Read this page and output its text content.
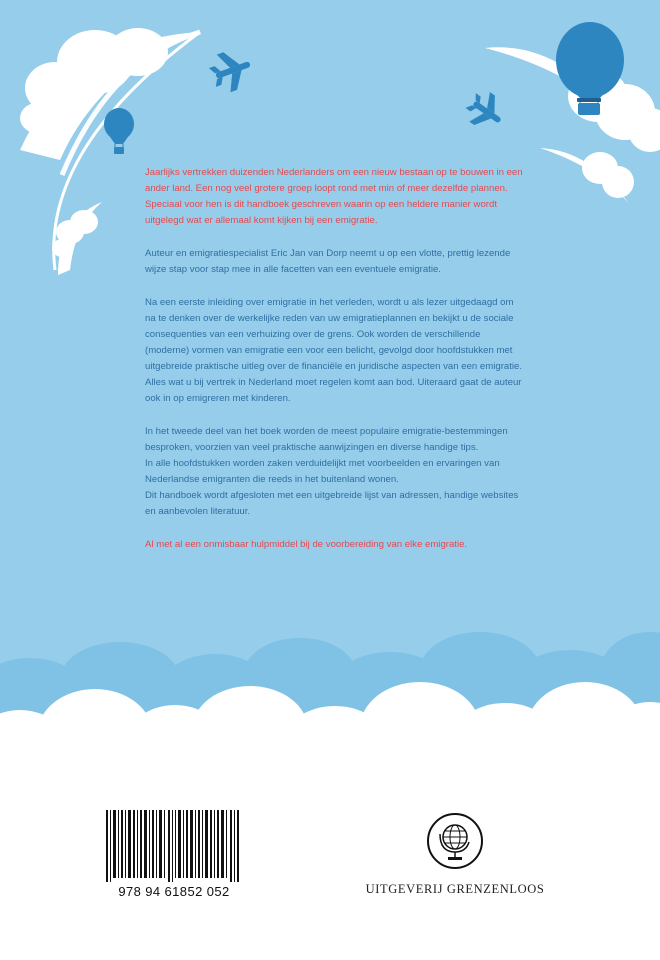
Jaarlijks vertrekken duizenden Nederlanders om een nieuw bestaan op te bouwen in een ander land. Een nog veel grotere groep loopt rond met min of meer dezelfde plannen. Speciaal voor hen is dit handboek geschreven waarin op een heldere manier wordt uitgelegd wat er allemaal komt kijken bij een emigratie.

Auteur en emigratiespecialist Eric Jan van Dorp neemt u op een vlotte, prettig lezende wijze stap voor stap mee in alle facetten van een eventuele emigratie.

Na een eerste inleiding over emigratie in het verleden, wordt u als lezer uitgedaagd om na te denken over de werkelijke reden van uw emigratieplannen en bekijkt u de sociale consequenties van een verhuizing over de grens. Ook worden de verschillende (moderne) vormen van emigratie een voor een belicht, gevolgd door hoofdstukken met uitgebreide praktische uitleg over de financiële en juridische aspecten van een emigratie. Alles wat u bij vertrek in Nederland moet regelen komt aan bod. Uiteraard gaat de auteur ook in op emigreren met kinderen.

In het tweede deel van het boek worden de meest populaire emigratie-bestemmingen besproken, voorzien van veel praktische aanwijzingen en diverse handige tips.

In alle hoofdstukken worden zaken verduidelijkt met voorbeelden en ervaringen van Nederlandse emigranten die reeds in het buitenland wonen.

Dit handboek wordt afgesloten met een uitgebreide lijst van adressen, handige websites en aanbevolen literatuur.

Al met al een onmisbaar hulpmiddel bij de voorbereiding van elke emigratie.

978 94 61852 052	UITGEVERIJ GRENZENLOOS
